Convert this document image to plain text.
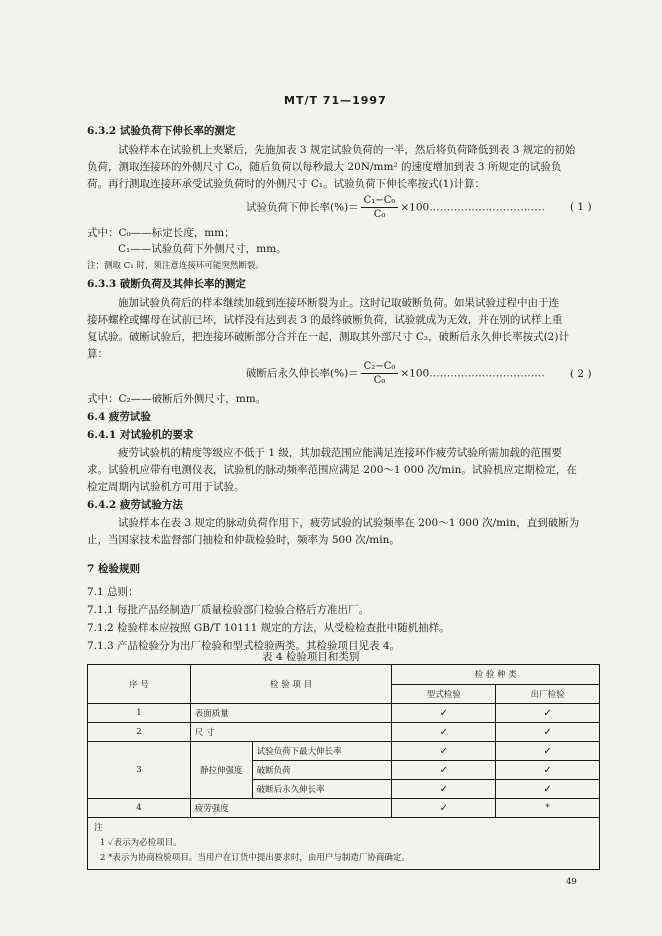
MT/T 71—1997
6.3.2 试验负荷下伸长率的测定
试验样本在试验机上夹紧后，先施加表 3 规定试验负荷的一半，然后将负荷降低到表 3 规定的初始
负荷，测取连接环的外侧尺寸 C₀，随后负荷以每秒最大 20N/mm² 的速度增加到表 3 所规定的试验负
荷。再行测取连接环承受试验负荷时的外侧尺寸 C₁。试验负荷下伸长率按式(1)计算：
试验负荷下伸长率(%)＝ $\frac{\text{C₁−C₀}}{\text{C₀}}$ ×100…………………………… ( 1 )
式中：C₀——标定长度，mm；
C₁——试验负荷下外侧尺寸，mm。
注：测取 C₁ 时，须注意连接环可能突然断裂。
6.3.3 破断负荷及其伸长率的测定
施加试验负荷后的样本继续加载到连接环断裂为止。这时记取破断负荷。如果试验过程中由于连
接环螺栓或螺母在试前已坏，试样没有达到表 3 的最终破断负荷，试验就成为无效，并在别的试样上重
复试验。破断试验后，把连接环破断部分合并在一起，测取其外部尺寸 C₂，破断后永久伸长率按式(2)计
算：
破断后永久伸长率(%)＝ $\frac{\text{C₂−C₀}}{\text{C₀}}$ ×100…………………………… ( 2 )
式中：C₂——破断后外侧尺寸，mm。
6.4 疲劳试验
6.4.1 对试验机的要求
疲劳试验机的精度等级应不低于 1 级，其加载范围应能满足连接环作疲劳试验所需加载的范围要
求。试验机应带有电测仪表，试验机的脉动频率范围应满足 200～1 000 次/min。试验机应定期检定，在
检定周期内试验机方可用于试验。
6.4.2 疲劳试验方法
试验样本在表 3 规定的脉动负荷作用下，疲劳试验的试验频率在 200～1 000 次/min，直到破断为
止，当国家技术监督部门抽检和仲裁检验时，频率为 500 次/min。
7 检验规则
7.1 总则：
7.1.1 每批产品经制造厂质量检验部门检验合格后方准出厂。
7.1.2 检验样本应按照 GB/T 10111 规定的方法，从受检检查批中随机抽样。
7.1.3 产品检验分为出厂检验和型式检验两类。其检验项目见表 4。
表 4 检验项目和类别
序 号	检 验 项 目		检 验 种 类	
			型式检验	出厂检验
1	表面质量		✓	✓
2	尺 寸		✓	✓
3	静拉伸强度	试验负荷下最大伸长率	✓	✓
		破断负荷	✓	✓
		破断后永久伸长率	✓	✓
4	疲劳强度		✓	*

注
1 ✓表示为必检项目。
2 *表示为协商检验项目。当用户在订货中提出要求时，由用户与制造厂协商确定。				
49
